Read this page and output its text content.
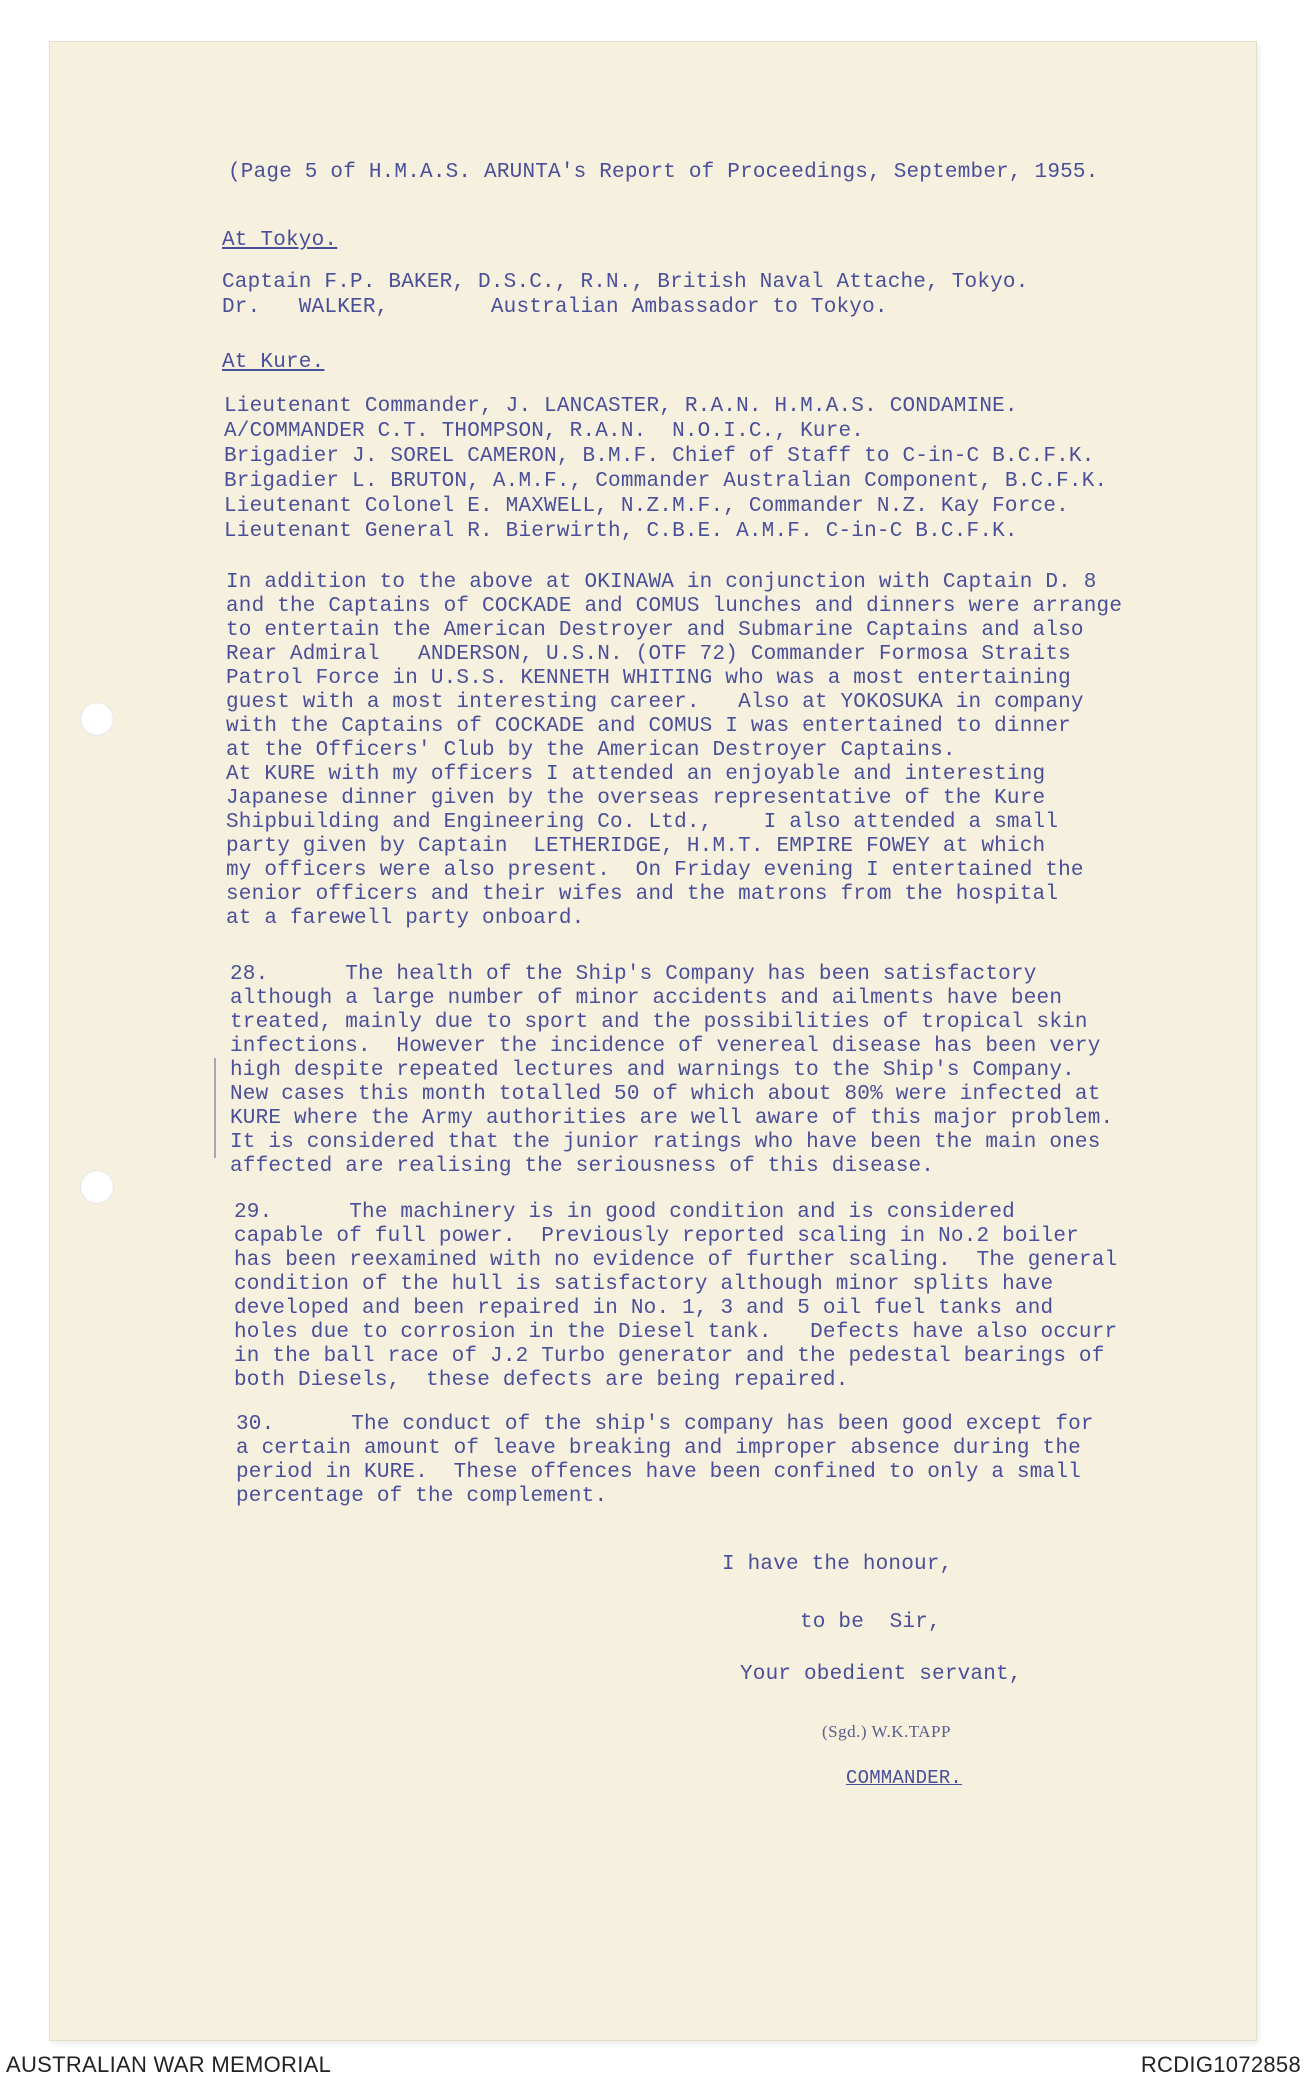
(Page 5 of H.M.A.S. ARUNTA's Report of Proceedings, September, 1955.
At Tokyo.
Captain F.P. BAKER, D.S.C., R.N., British Naval Attache, Tokyo.
Dr.   WALKER,        Australian Ambassador to Tokyo.
At Kure.
Lieutenant Commander, J. LANCASTER, R.A.N. H.M.A.S. CONDAMINE.
A/COMMANDER C.T. THOMPSON, R.A.N.  N.O.I.C., Kure.
Brigadier J. SOREL CAMERON, B.M.F. Chief of Staff to C-in-C B.C.F.K.
Brigadier L. BRUTON, A.M.F., Commander Australian Component, B.C.F.K.
Lieutenant Colonel E. MAXWELL, N.Z.M.F., Commander N.Z. Kay Force.
Lieutenant General R. Bierwirth, C.B.E. A.M.F. C-in-C B.C.F.K.
In addition to the above at OKINAWA in conjunction with Captain D. 8
and the Captains of COCKADE and COMUS lunches and dinners were arrange
to entertain the American Destroyer and Submarine Captains and also
Rear Admiral   ANDERSON, U.S.N. (OTF 72) Commander Formosa Straits
Patrol Force in U.S.S. KENNETH WHITING who was a most entertaining
guest with a most interesting career.   Also at YOKOSUKA in company
with the Captains of COCKADE and COMUS I was entertained to dinner
at the Officers' Club by the American Destroyer Captains.
At KURE with my officers I attended an enjoyable and interesting
Japanese dinner given by the overseas representative of the Kure
Shipbuilding and Engineering Co. Ltd.,    I also attended a small
party given by Captain  LETHERIDGE, H.M.T. EMPIRE FOWEY at which
my officers were also present.  On Friday evening I entertained the
senior officers and their wifes and the matrons from the hospital
at a farewell party onboard.
28.      The health of the Ship's Company has been satisfactory
although a large number of minor accidents and ailments have been
treated, mainly due to sport and the possibilities of tropical skin
infections.  However the incidence of venereal disease has been very
high despite repeated lectures and warnings to the Ship's Company.
New cases this month totalled 50 of which about 80% were infected at
KURE where the Army authorities are well aware of this major problem.
It is considered that the junior ratings who have been the main ones
affected are realising the seriousness of this disease.
29.      The machinery is in good condition and is considered
capable of full power.  Previously reported scaling in No.2 boiler
has been reexamined with no evidence of further scaling.  The general
condition of the hull is satisfactory although minor splits have
developed and been repaired in No. 1, 3 and 5 oil fuel tanks and
holes due to corrosion in the Diesel tank.   Defects have also occurr
in the ball race of J.2 Turbo generator and the pedestal bearings of
both Diesels,  these defects are being repaired.
30.      The conduct of the ship's company has been good except for
a certain amount of leave breaking and improper absence during the
period in KURE.  These offences have been confined to only a small
percentage of the complement.
I have the honour,
to be  Sir,
Your obedient servant,
(Sgd.) W.K.TAPP
COMMANDER.
AUSTRALIAN WAR MEMORIAL	RCDIG1072858
